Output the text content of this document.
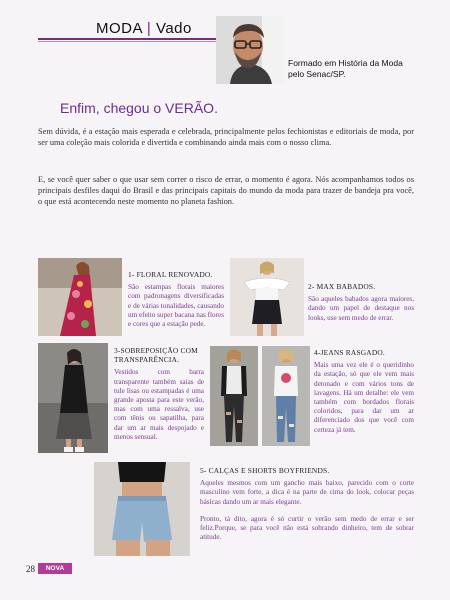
MODA | Vado
Formado em História da Moda pelo Senac/SP.
Enfim, chegou o VERÃO.
Sem dúvida, é a estação mais esperada e celebrada, principalmente pelos fechionistas e editoriais de moda, por ser uma coleção mais colorida e divertida e combinando ainda mais com o nosso clima.
E, se você quer saber o que usar sem correr o risco de errar, o momento é agora. Nós acompanhamos todos os principais desfiles daqui do Brasil e das principais capitais do mundo da moda para trazer de bandeja pra você, o que está acontecendo neste momento no planeta fashion.
1- FLORAL RENOVADO.
São estampas florais maiores com padronagens diversificadas e de várias tonalidades, causando um efeito super bacana nas flores e cores que a estação pede.
2- MAX BABADOS.
São aqueles babados agora maiores, dando um papel de destaque nos looks, use sem medo de errar.
3-SOBREPOSIÇÃO COM TRANSPARÊNCIA.
Vestidos com barra transparente também saias de tule lisas ou estampadas é uma grande aposta para este verão, mas com uma ressalva, use com tênis ou sapatilha, para dar um ar mais despojado e menos sensual.
4-JEANS RASGADO.
Mais uma vez ele é o queridinho da estação, só que ele vem mais detonado e com vários tons de lavagens. Há um detalhe: ele vem também com bordados florais coloridos, para dar um ar diferenciado dos que você com certeza já tem.
5- CALÇAS E SHORTS BOYFRIENDS.
Aqueles mesmos com um gancho mais baixo, parecido com o corte masculino vem forte, a dica é na parte de cima do look, colocar peças básicas dando um ar mais elegante.
Pronto, tá dito, agora é só curtir o verão sem medo de errar e ser feliz.Porque, se para você não está sobrando dinheiro, tem de sobrar atitude.
28	NOVA
